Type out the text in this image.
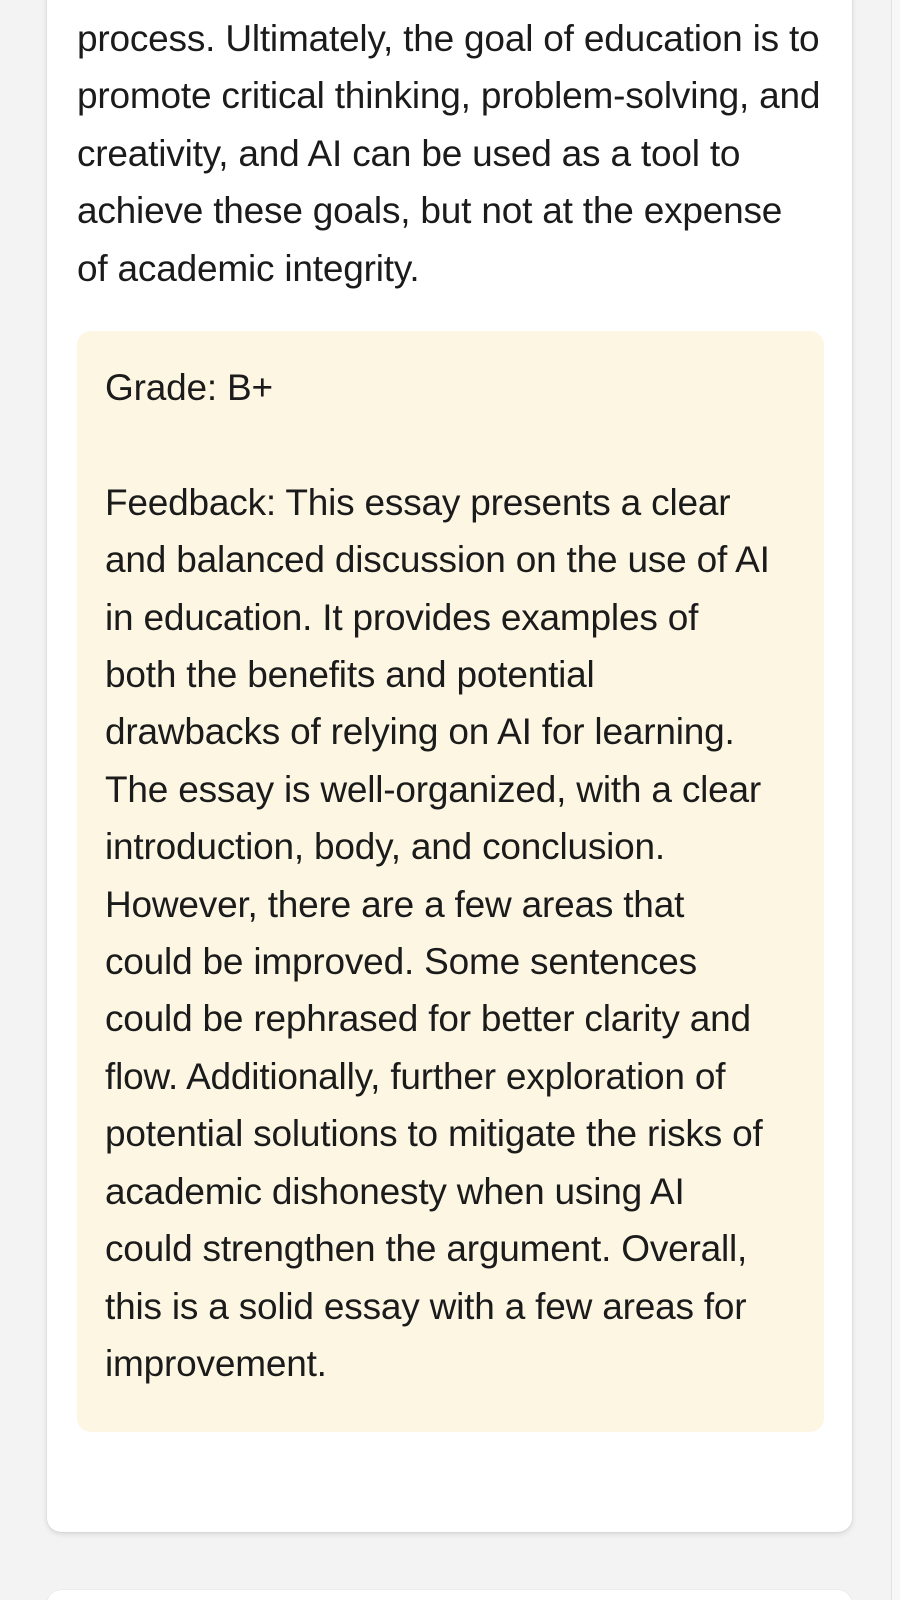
process. Ultimately, the goal of education is to promote critical thinking, problem-solving, and creativity, and AI can be used as a tool to achieve these goals, but not at the expense of academic integrity.

Grade: B+

Feedback: This essay presents a clear and balanced discussion on the use of AI in education. It provides examples of both the benefits and potential drawbacks of relying on AI for learning. The essay is well-organized, with a clear introduction, body, and conclusion. However, there are a few areas that could be improved. Some sentences could be rephrased for better clarity and flow. Additionally, further exploration of potential solutions to mitigate the risks of academic dishonesty when using AI could strengthen the argument. Overall, this is a solid essay with a few areas for improvement.
